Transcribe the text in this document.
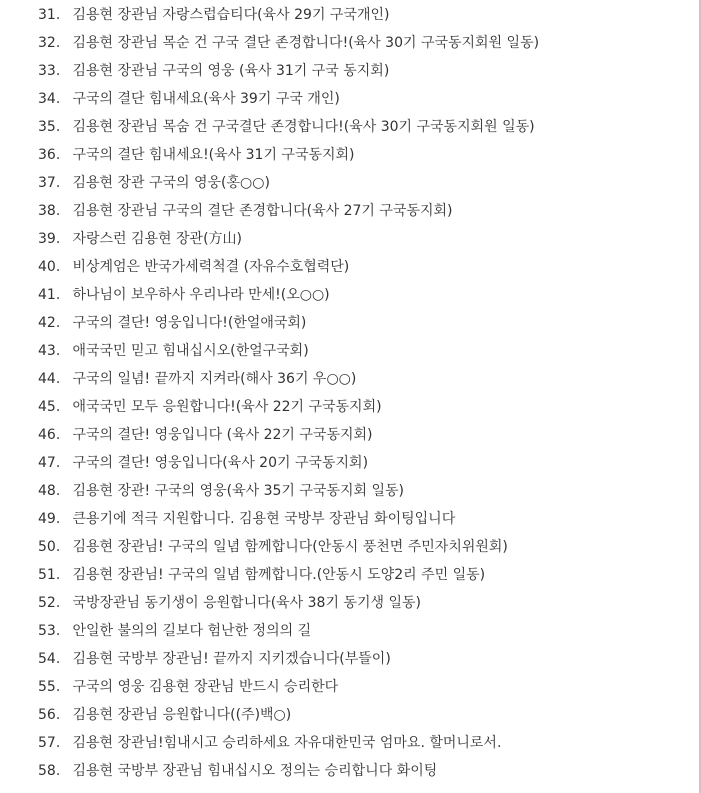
31. 김용현 장관님 자랑스럽습티다(육사 29기 구국개인)
32. 김용현 장관님 목순 건 구국 결단 존경합니다!(육사 30기 구국동지회원 일동)
33. 김용현 장관님 구국의 영웅 (육사 31기 구국 동지회)
34. 구국의 결단 힘내세요(육사 39기 구국 개인)
35. 김용현 장관님 목숨 건 구국결단 존경합니다!(육사 30기 구국동지회원 일동)
36. 구국의 결단 힘내세요!(육사 31기 구국동지회)
37. 김용현 장관 구국의 영웅(홍○○)
38. 김용현 장관님 구국의 결단 존경합니다(육사 27기 구국동지회)
39. 자랑스런 김용현 장관(方山)
40. 비상계엄은 반국가세력척결 (자유수호협력단)
41. 하나님이 보우하사 우리나라 만세!(오○○)
42. 구국의 결단! 영웅입니다!(한얼애국회)
43. 애국국민 믿고 힘내십시오(한얼구국회)
44. 구국의 일념! 끝까지 지켜라(해사 36기 우○○)
45. 애국국민 모두 응원합니다!(육사 22기 구국동지회)
46. 구국의 결단! 영웅입니다 (육사 22기 구국동지회)
47. 구국의 결단! 영웅입니다(육사 20기 구국동지회)
48. 김용현 장관! 구국의 영웅(육사 35기 구국동지회 일동)
49. 큰용기에 적극 지원합니다. 김용현 국방부 장관님 화이팅입니다
50. 김용현 장관님! 구국의 일념 함께합니다(안동시 풍천면 주민자치위원회)
51. 김용현 장관님! 구국의 일념 함께합니다.(안동시 도양2리 주민 일동)
52. 국방장관님 동기생이 응원합니다(육사 38기 동기생 일동)
53. 안일한 불의의 길보다 험난한 정의의 길
54. 김용현 국방부 장관님! 끝까지 지키겠습니다(부뜰이)
55. 구국의 영웅 김용현 장관님 반드시 승리한다
56. 김용현 장관님 응원합니다((주)백○)
57. 김용현 장관님!힘내시고 승리하세요 자유대한민국 엄마요. 할머니로서.
58. 김용현 국방부 장관님 힘내십시오 정의는 승리합니다 화이팅
